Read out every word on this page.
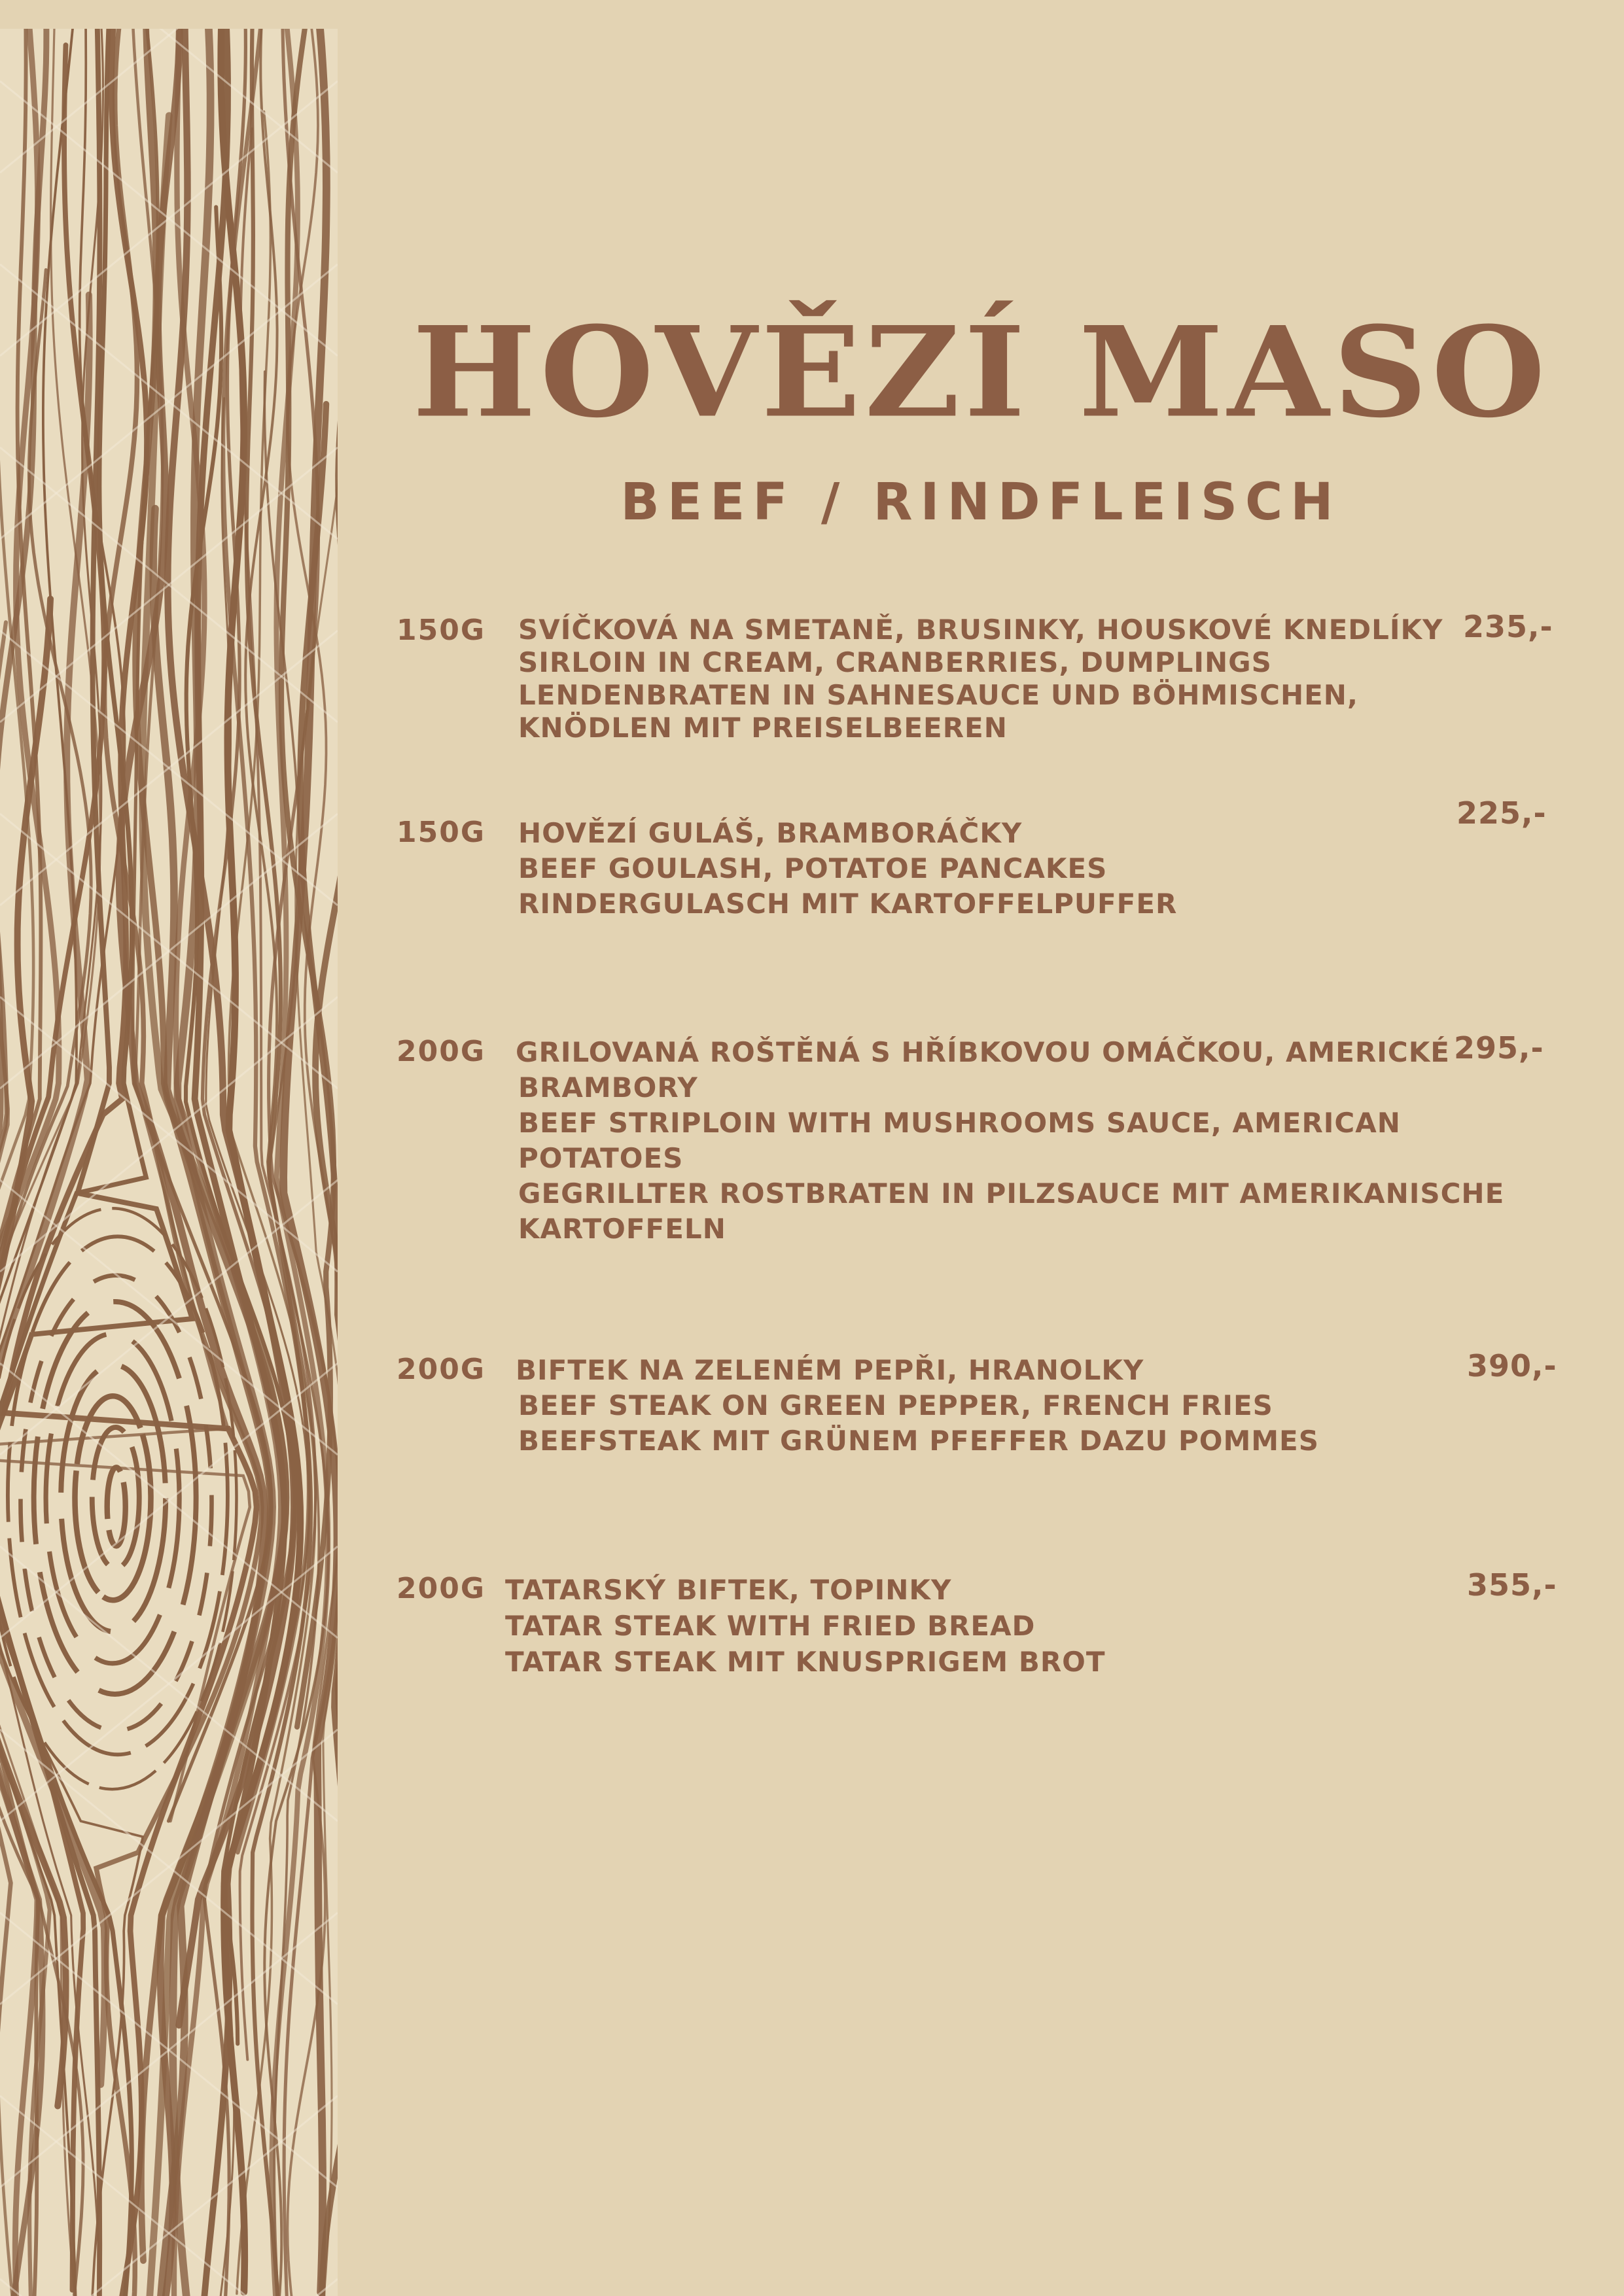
HOVĚZÍ MASO
BEEF / RINDFLEISCH
150G SVÍČKOVÁ NA SMETANĚ, BRUSINKY, HOUSKOVÉ KNEDLÍKY
SIRLOIN IN CREAM, CRANBERRIES, DUMPLINGS
LENDENBRATEN IN SAHNESAUCE UND BÖHMISCHEN,
KNÖDLEN MIT PREISELBEEREN
235,-
150G HOVĚZÍ GULÁŠ, BRAMBORÁČKY
BEEF GOULASH, POTATOE PANCAKES
RINDERGULASCH MIT KARTOFFELPUFFER
225,-
200G GRILOVANÁ ROŠTĚNÁ S HŘÍBKOVOU OMÁČKOU, AMERICKÉ
BRAMBORY
BEEF STRIPLOIN WITH MUSHROOMS SAUCE, AMERICAN
POTATOES
GEGRILLTER ROSTBRATEN IN PILZSAUCE MIT AMERIKANISCHE
KARTOFFELN
295,-
200G BIFTEK NA ZELENÉM PEPŘI, HRANOLKY
BEEF STEAK ON GREEN PEPPER, FRENCH FRIES
BEEFSTEAK MIT GRÜNEM PFEFFER DAZU POMMES
390,-
200G TATARSKÝ BIFTEK, TOPINKY
TATAR STEAK WITH FRIED BREAD
TATAR STEAK MIT KNUSPRIGEM BROT
355,-
